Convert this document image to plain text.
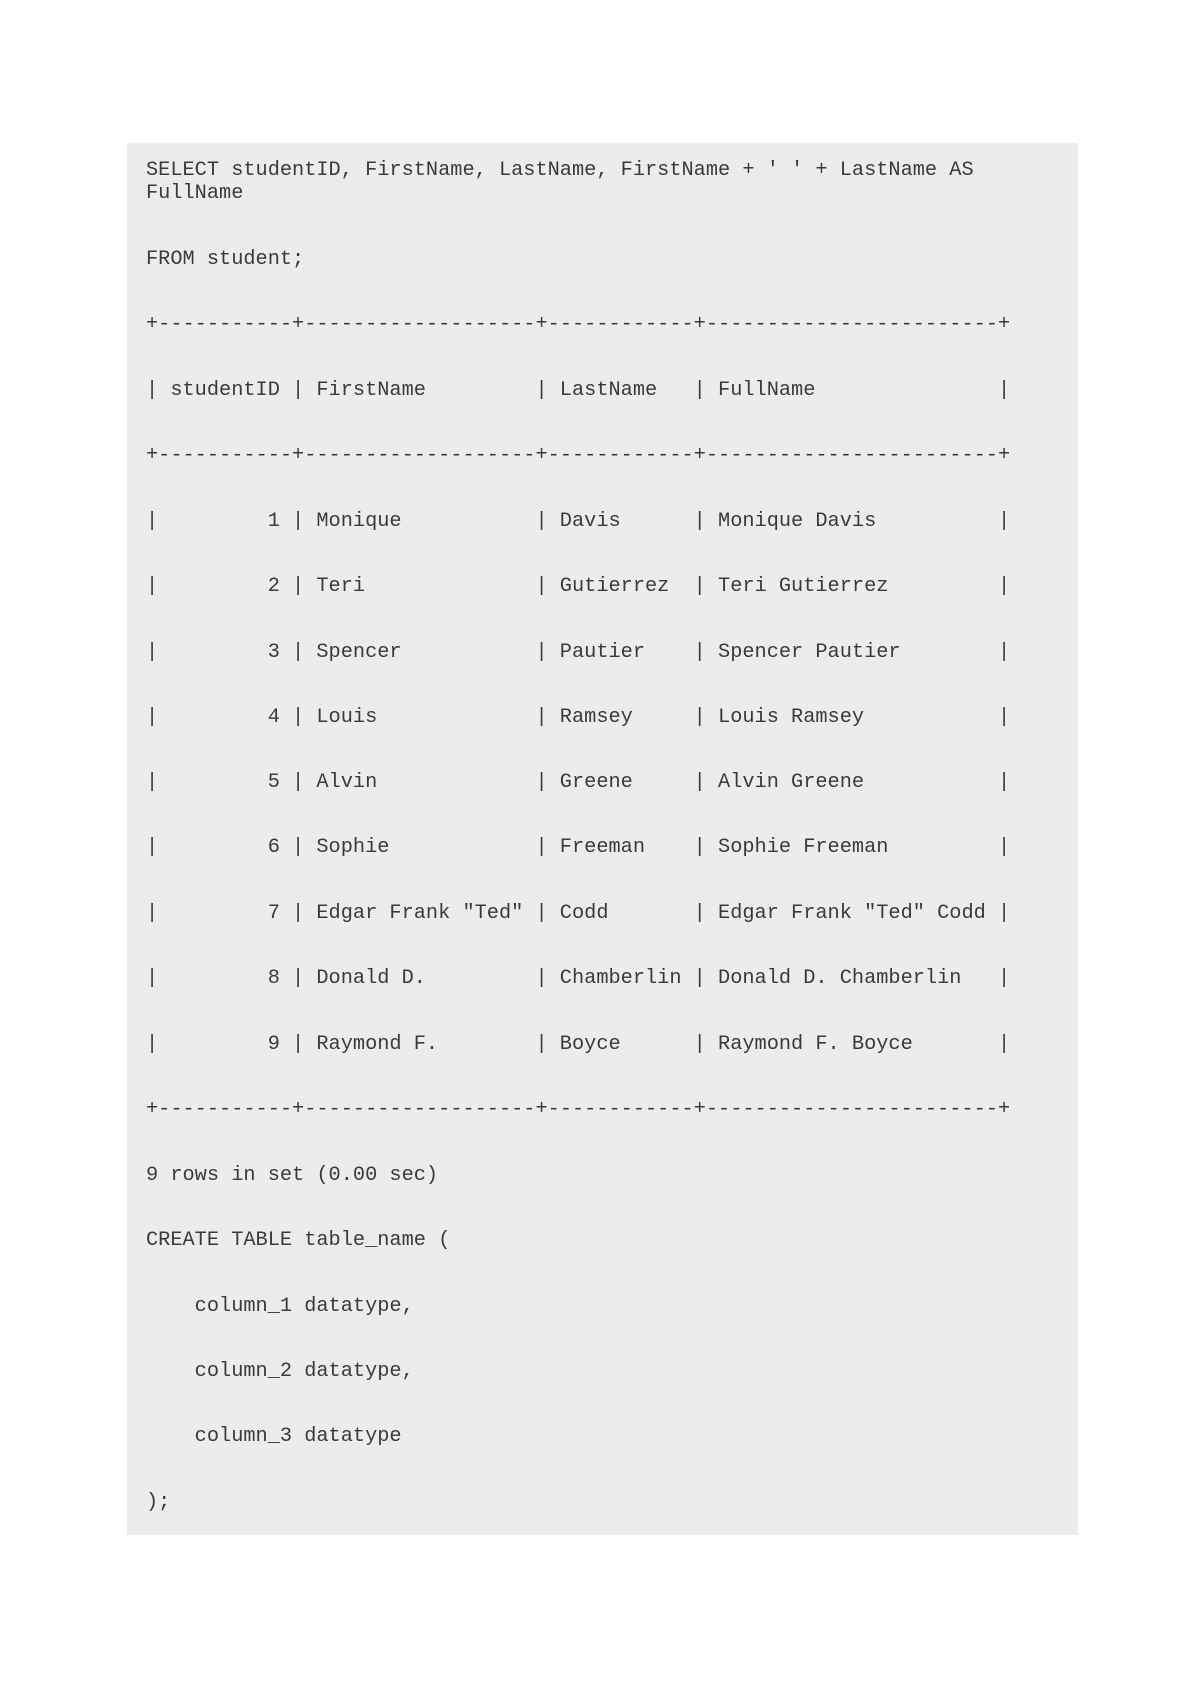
SELECT studentID, FirstName, LastName, FirstName + ' ' + LastName AS
FullName
FROM student;
+-----------+-------------------+------------+------------------------+
| studentID | FirstName         | LastName   | FullName               |
+-----------+-------------------+------------+------------------------+
|         1 | Monique           | Davis      | Monique Davis          |
|         2 | Teri              | Gutierrez  | Teri Gutierrez         |
|         3 | Spencer           | Pautier    | Spencer Pautier        |
|         4 | Louis             | Ramsey     | Louis Ramsey           |
|         5 | Alvin             | Greene     | Alvin Greene           |
|         6 | Sophie            | Freeman    | Sophie Freeman         |
|         7 | Edgar Frank "Ted" | Codd       | Edgar Frank "Ted" Codd |
|         8 | Donald D.         | Chamberlin | Donald D. Chamberlin   |
|         9 | Raymond F.        | Boyce      | Raymond F. Boyce       |
+-----------+-------------------+------------+------------------------+
9 rows in set (0.00 sec)
CREATE TABLE table_name (
column_1 datatype,
column_2 datatype,
column_3 datatype
);
